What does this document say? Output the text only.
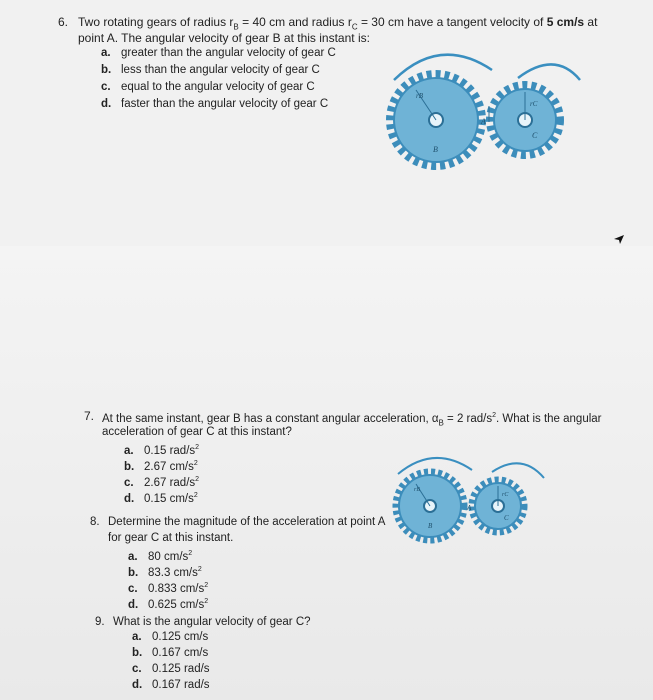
6. Two rotating gears of radius $r_B = 40$ cm and radius $r_C = 30$ cm have a tangent velocity of 5 cm/s at
point A. The angular velocity of gear B at this instant is:
a. greater than the angular velocity of gear C
b. less than the angular velocity of gear C
c. equal to the angular velocity of gear C
d. faster than the angular velocity of gear C
rB
B
rC
C
A
7. At the same instant, gear B has a constant angular acceleration, $\alpha_B = 2$ rad/$s^2$. What is the angular
acceleration of gear C at this instant?
a. 0.15 rad/$s^2$
b. 2.67 $cm/s^2$
c. 2.67 rad/$s^2$
d. 0.15 $cm/s^2$
rB
B
rC
C
A
8. Determine the magnitude of the acceleration at point A
for gear C at this instant.
a. 80 $cm/s^2$
b. 83.3 $cm/s^2$
c. 0.833 $cm/s^2$
d. 0.625 $cm/s^2$
9. What is the angular velocity of gear C?
a. 0.125 cm/s
b. 0.167 cm/s
c. 0.125 rad/s
d. 0.167 rad/s
